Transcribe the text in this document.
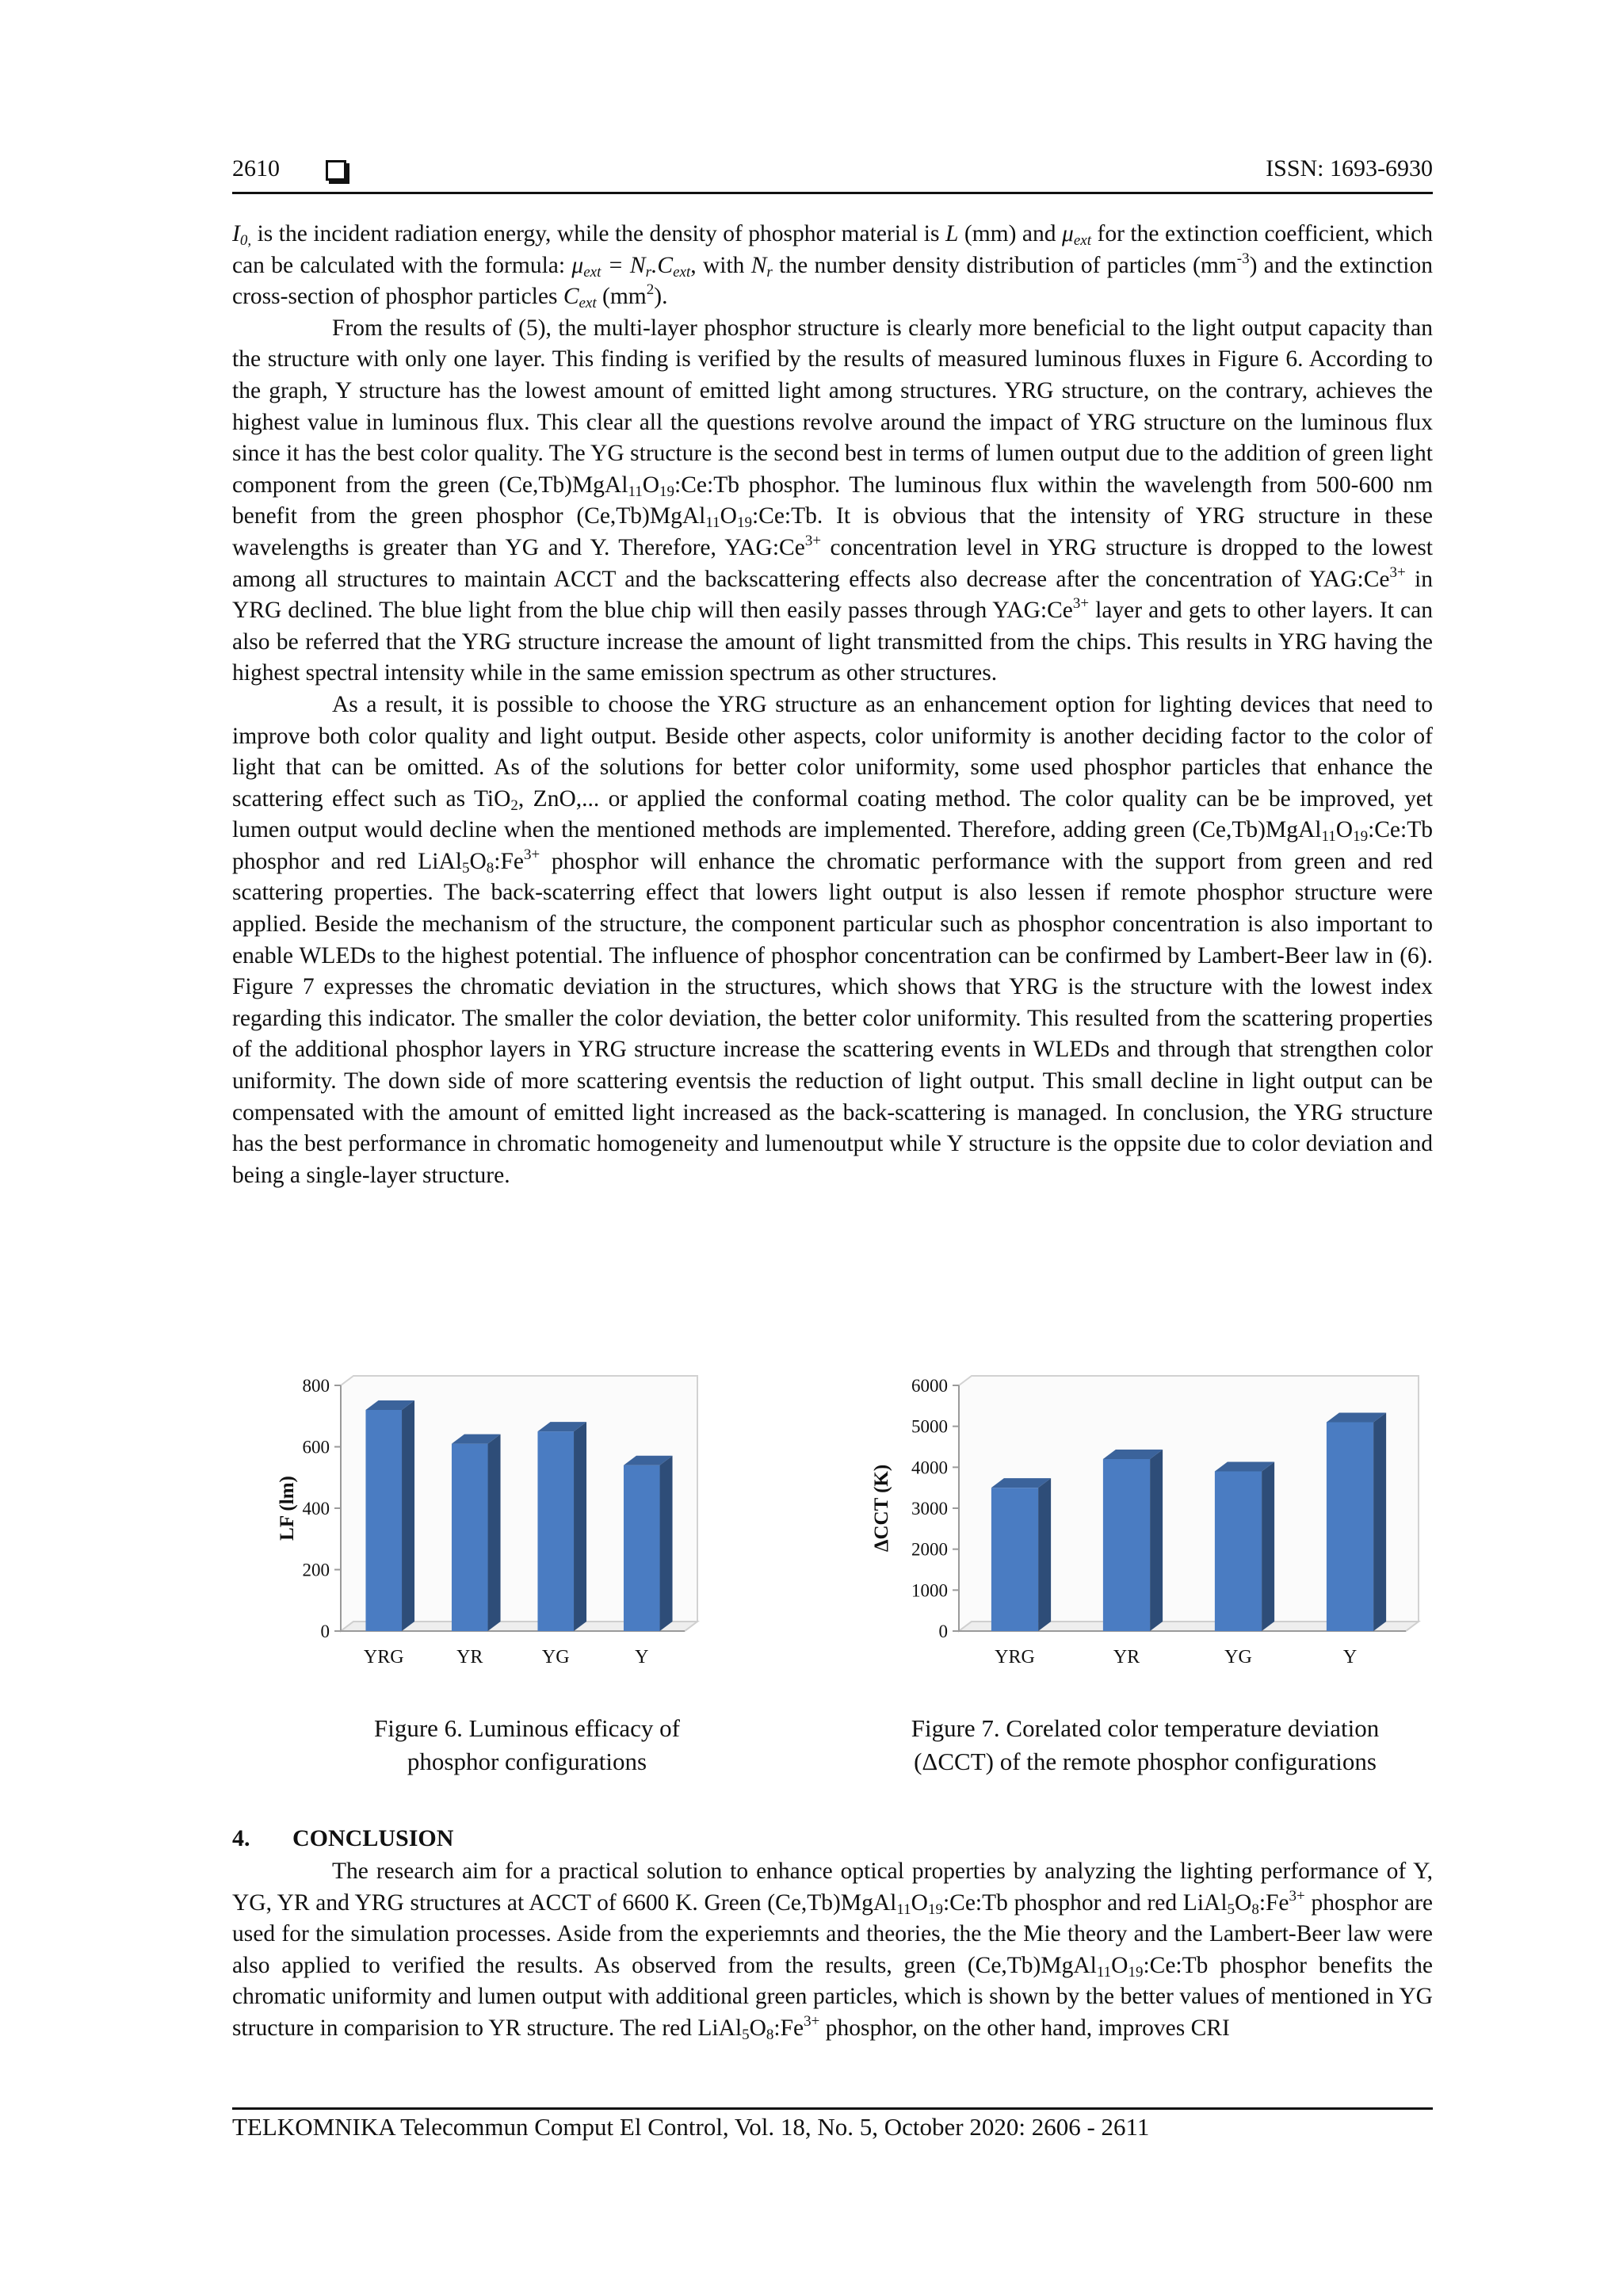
2610	ISSN: 1693-6930

$I_{0,}$ is the incident radiation energy, while the density of phosphor material is L (mm) and $\mu_{ext}$ for the extinction coefficient, which can be calculated with the formula: $\mu_{ext} = N_r.C_{ext}$, with $N_r$ the number density distribution of particles $(mm^{-3})$ and the extinction cross-section of phosphor particles $C_{ext}$ $(mm^2)$.

From the results of (5), the multi-layer phosphor structure is clearly more beneficial to the light output capacity than the structure with only one layer. This finding is verified by the results of measured luminous fluxes in Figure 6. According to the graph, Y structure has the lowest amount of emitted light among structures. YRG structure, on the contrary, achieves the highest value in luminous flux. This clear all the questions revolve around the impact of YRG structure on the luminous flux since it has the best color quality. The YG structure is the second best in terms of lumen output due to the addition of green light component from the green $(Ce,Tb)MgAl_{11}O_{19}:Ce:Tb$ phosphor. The luminous flux within the wavelength from 500-600 nm benefit from the green phosphor $(Ce,Tb)MgAl_{11}O_{19}:Ce:Tb$. It is obvious that the intensity of YRG structure in these wavelengths is greater than YG and Y. Therefore, $YAG:Ce^{3+}$ concentration level in YRG structure is dropped to the lowest among all structures to maintain ACCT and the backscattering effects also decrease after the concentration of $YAG:Ce^{3+}$ in YRG declined. The blue light from the blue chip will then easily passes through $YAG:Ce^{3+}$ layer and gets to other layers. It can also be referred that the YRG structure increase the amount of light transmitted from the chips. This results in YRG having the highest spectral intensity while in the same emission spectrum as other structures.

As a result, it is possible to choose the YRG structure as an enhancement option for lighting devices that need to improve both color quality and light output. Beside other aspects, color uniformity is another deciding factor to the color of light that can be omitted. As of the solutions for better color uniformity, some used phosphor particles that enhance the scattering effect such as TiO$_2$, ZnO,... or applied the conformal coating method. The color quality can be be improved, yet lumen output would decline when the mentioned methods are implemented. Therefore, adding green $(Ce,Tb)MgAl_{11}O_{19}:Ce:Tb$ phosphor and red $LiAl_5O_8:Fe^{3+}$ phosphor will enhance the chromatic performance with the support from green and red scattering properties. The back-scaterring effect that lowers light output is also lessen if remote phosphor structure were applied. Beside the mechanism of the structure, the component particular such as phosphor concentration is also important to enable WLEDs to the highest potential. The influence of phosphor concentration can be confirmed by Lambert-Beer law in (6). Figure 7 expresses the chromatic deviation in the structures, which shows that YRG is the structure with the lowest index regarding this indicator. The smaller the color deviation, the better color uniformity. This resulted from the scattering properties of the additional phosphor layers in YRG structure increase the scattering events in WLEDs and through that strengthen color uniformity. The down side of more scattering eventsis the reduction of light output. This small decline in light output can be compensated with the amount of emitted light increased as the back-scattering is managed. In conclusion, the YRG structure has the best performance in chromatic homogeneity and lumenoutput while Y structure is the oppsite due to color deviation and being a single-layer structure.

0
200
400
600
800
LF (lm)
YRG	YR	YG	Y
Figure 6. Luminous efficacy of
phosphor configurations
0
1000
2000
3000
4000
5000
6000
ΔCCT (K)
YRG	YR	YG	Y
Figure 7. Corelated color temperature deviation
(ΔCCT) of the remote phosphor configurations
4. CONCLUSION

The research aim for a practical solution to enhance optical properties by analyzing the lighting performance of Y, YG, YR and YRG structures at ACCT of 6600 K. Green $(Ce,Tb)MgAl_{11}O_{19}:Ce:Tb$ phosphor and red $LiAl_5O_8:Fe^{3+}$ phosphor are used for the simulation processes. Aside from the experiemnts and theories, the the Mie theory and the Lambert-Beer law were also applied to verified the results. As observed from the results, green $(Ce,Tb)MgAl_{11}O_{19}:Ce:Tb$ phosphor benefits the chromatic uniformity and lumen output with additional green particles, which is shown by the better values of mentioned in YG structure in comparision to YR structure. The red $LiAl_5O_8:Fe^{3+}$ phosphor, on the other hand, improves CRI

TELKOMNIKA Telecommun Comput El Control, Vol. 18, No. 5, October 2020: 2606 - 2611
